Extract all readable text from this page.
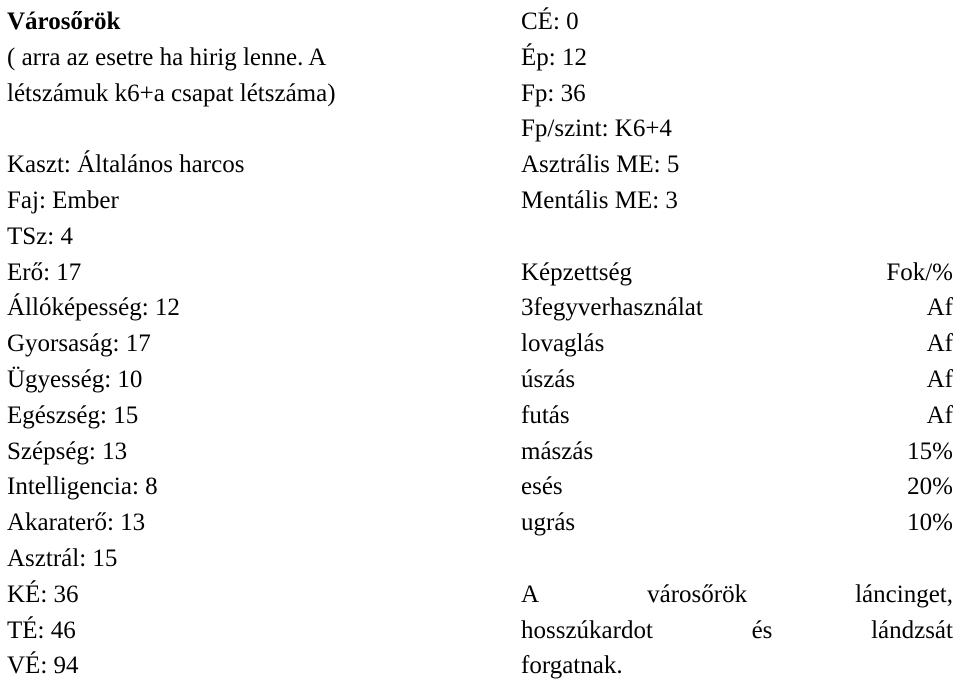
Városőrök
( arra az esetre ha hirig lenne. A
létszámuk k6+a csapat létszáma)
Kaszt: Általános harcos
Faj: Ember
TSz: 4
Erő: 17
Állóképesség: 12
Gyorsaság: 17
Ügyesség: 10
Egészség: 15
Szépség: 13
Intelligencia: 8
Akaraterő: 13
Asztrál: 15
KÉ: 36
TÉ: 46
VÉ: 94
CÉ: 0
Ép: 12
Fp: 36
Fp/szint: K6+4
Asztrális ME: 5
Mentális ME: 3
Képzettség	Fok/%
3fegyverhasználat	Af
lovaglás	Af
úszás	Af
futás	Af
mászás	15%
esés	20%
ugrás	10%
A	városőrök	láncinget,
hosszúkardot	és	lándzsát
forgatnak.
